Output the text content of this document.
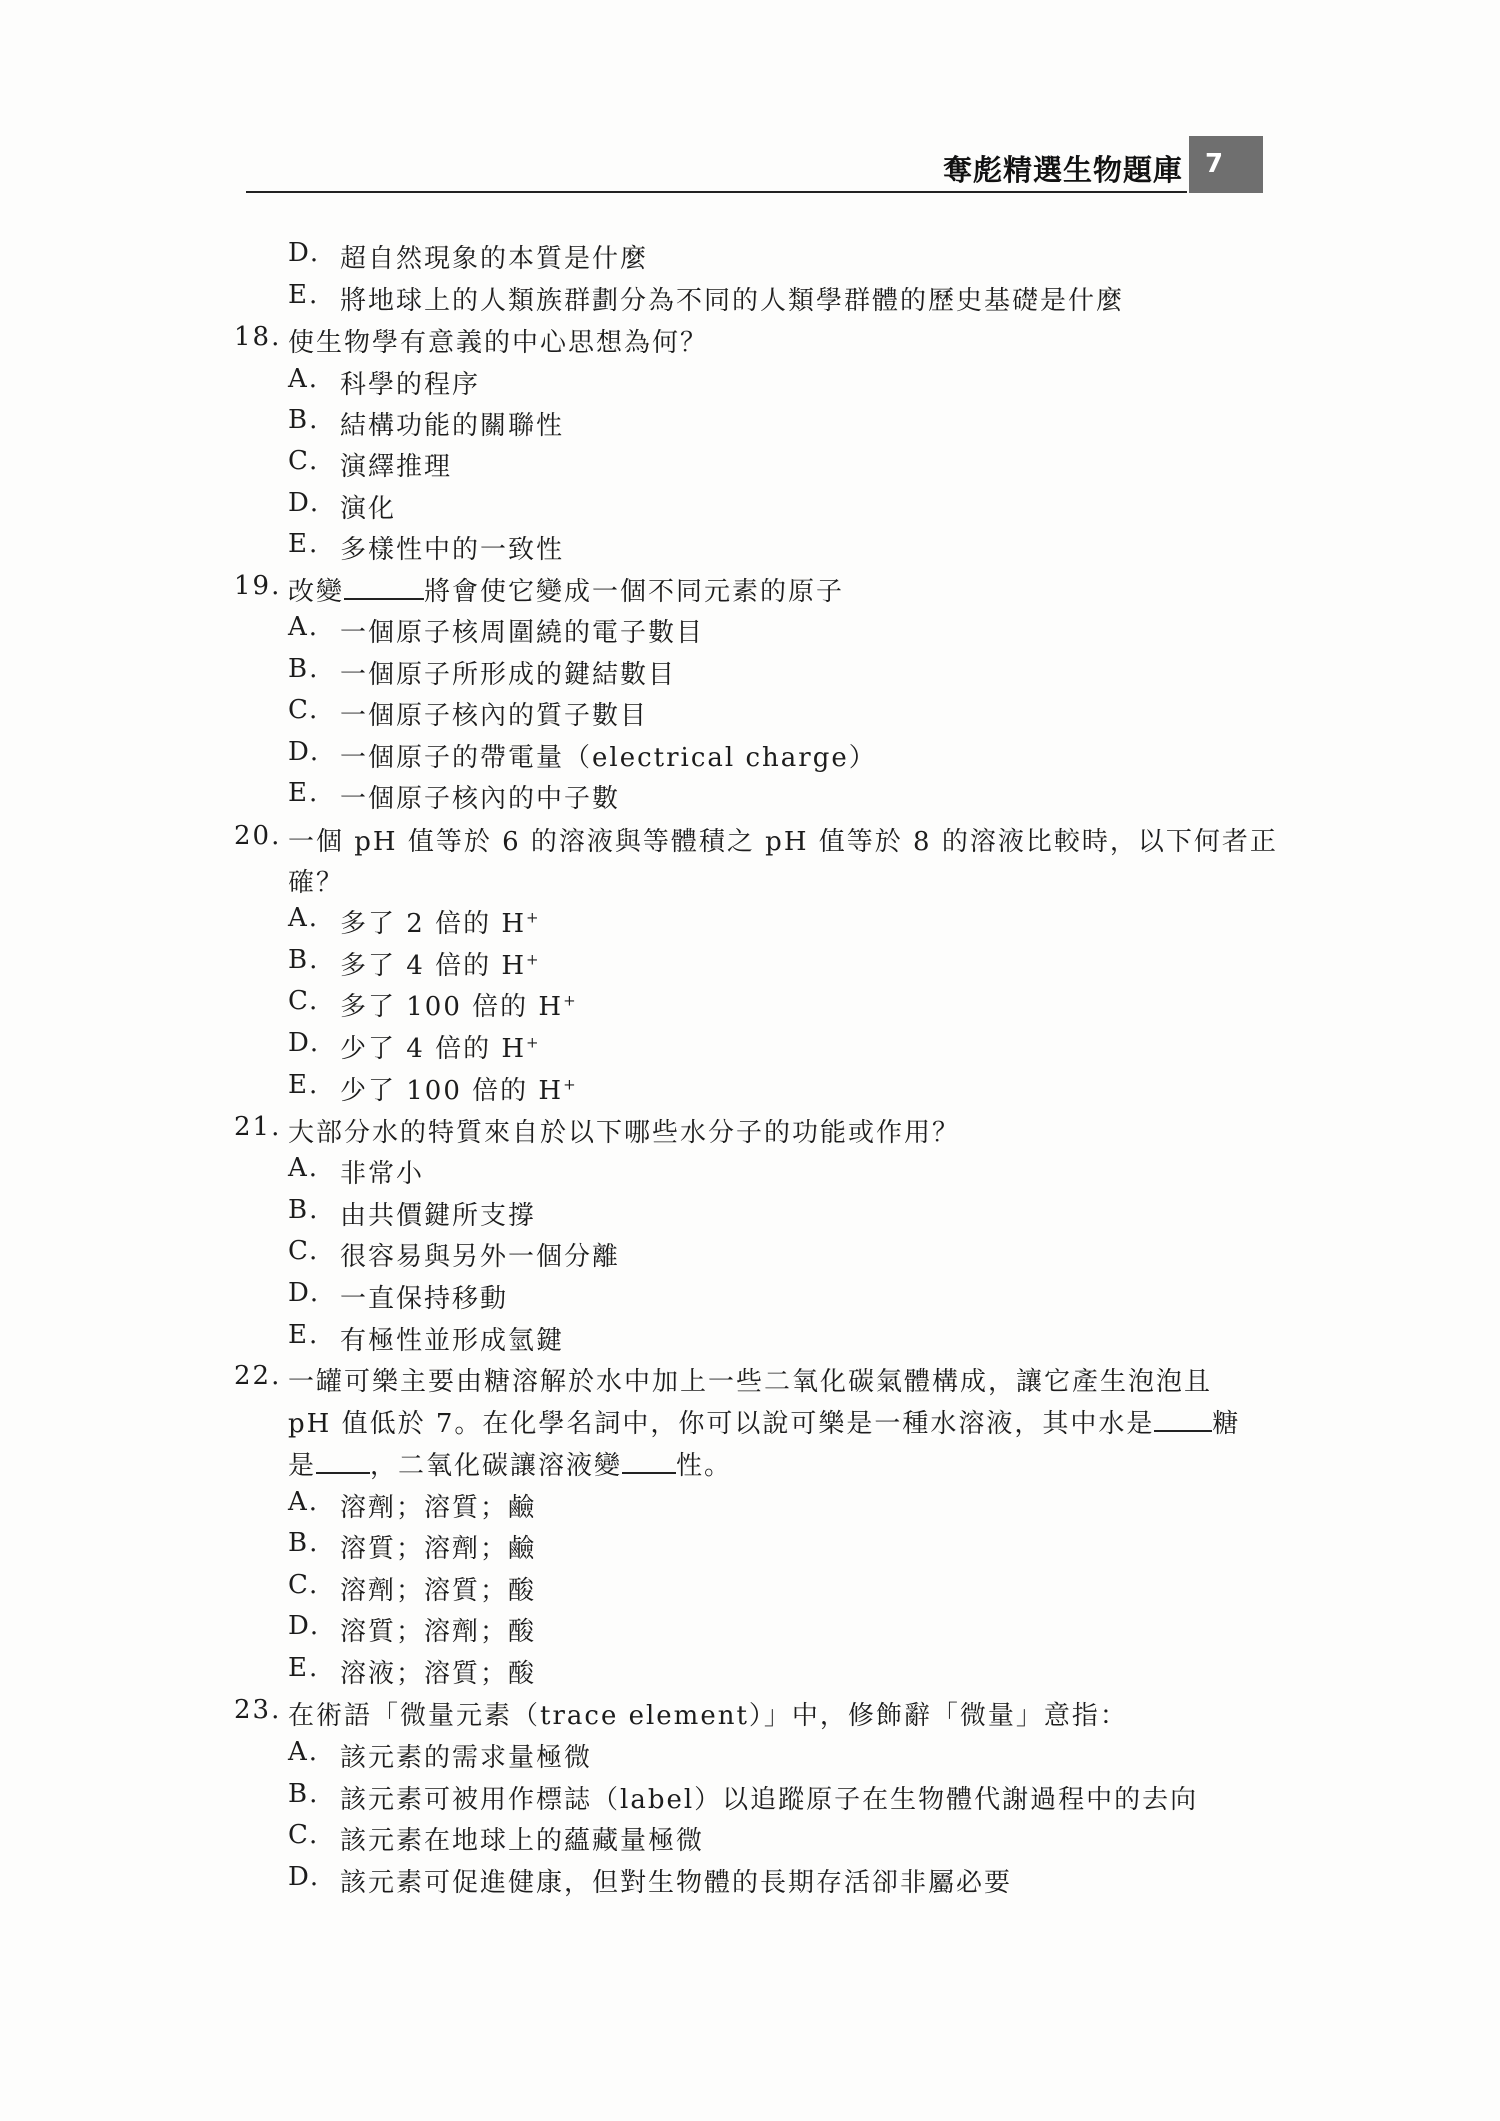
奪彪精選生物題庫 7
D. 超自然現象的本質是什麼
E. 將地球上的人類族群劃分為不同的人類學群體的歷史基礎是什麼
18. 使生物學有意義的中心思想為何？
A. 科學的程序
B. 結構功能的關聯性
C. 演繹推理
D. 演化
E. 多樣性中的一致性
19. 改變	將會使它變成一個不同元素的原子
A. 一個原子核周圍繞的電子數目
B. 一個原子所形成的鍵結數目
C. 一個原子核內的質子數目
D. 一個原子的帶電量（electrical charge）
E. 一個原子核內的中子數
20. 一個 pH 值等於 6 的溶液與等體積之 pH 值等於 8 的溶液比較時，以下何者正
確？
A. 多了 2 倍的 H+
B. 多了 4 倍的 H+
C. 多了 100 倍的 H+
D. 少了 4 倍的 H+
E. 少了 100 倍的 H+
21. 大部分水的特質來自於以下哪些水分子的功能或作用？
A. 非常小
B. 由共價鍵所支撐
C. 很容易與另外一個分離
D. 一直保持移動
E. 有極性並形成氫鍵
22. 一罐可樂主要由糖溶解於水中加上一些二氧化碳氣體構成，讓它產生泡泡且
pH 值低於 7。在化學名詞中，你可以說可樂是一種水溶液，其中水是 糖
是 ，二氧化碳讓溶液變 性。
A. 溶劑；溶質；鹼
B. 溶質；溶劑；鹼
C. 溶劑；溶質；酸
D. 溶質；溶劑；酸
E. 溶液；溶質；酸
23. 在術語「微量元素（trace element）」中，修飾辭「微量」意指：
A. 該元素的需求量極微
B. 該元素可被用作標誌（label）以追蹤原子在生物體代謝過程中的去向
C. 該元素在地球上的蘊藏量極微
D. 該元素可促進健康，但對生物體的長期存活卻非屬必要
